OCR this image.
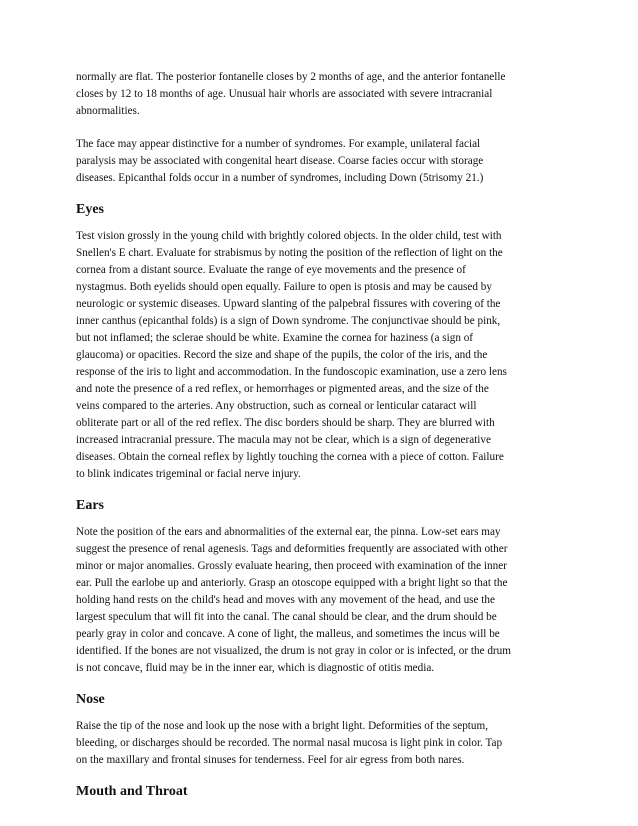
normally are flat. The posterior fontanelle closes by 2 months of age, and the anterior fontanelle
closes by 12 to 18 months of age. Unusual hair whorls are associated with severe intracranial
abnormalities.

The face may appear distinctive for a number of syndromes. For example, unilateral facial
paralysis may be associated with congenital heart disease. Coarse facies occur with storage
diseases. Epicanthal folds occur in a number of syndromes, including Down (5trisomy 21.)

Eyes

Test vision grossly in the young child with brightly colored objects. In the older child, test with
Snellen's E chart. Evaluate for strabismus by noting the position of the reflection of light on the
cornea from a distant source. Evaluate the range of eye movements and the presence of
nystagmus. Both eyelids should open equally. Failure to open is ptosis and may be caused by
neurologic or systemic diseases. Upward slanting of the palpebral fissures with covering of the
inner canthus (epicanthal folds) is a sign of Down syndrome. The conjunctivae should be pink,
but not inflamed; the sclerae should be white. Examine the cornea for haziness (a sign of
glaucoma) or opacities. Record the size and shape of the pupils, the color of the iris, and the
response of the iris to light and accommodation. In the fundoscopic examination, use a zero lens
and note the presence of a red reflex, or hemorrhages or pigmented areas, and the size of the
veins compared to the arteries. Any obstruction, such as corneal or lenticular cataract will
obliterate part or all of the red reflex. The disc borders should be sharp. They are blurred with
increased intracranial pressure. The macula may not be clear, which is a sign of degenerative
diseases. Obtain the corneal reflex by lightly touching the cornea with a piece of cotton. Failure
to blink indicates trigeminal or facial nerve injury.

Ears

Note the position of the ears and abnormalities of the external ear, the pinna. Low-set ears may
suggest the presence of renal agenesis. Tags and deformities frequently are associated with other
minor or major anomalies. Grossly evaluate hearing, then proceed with examination of the inner
ear. Pull the earlobe up and anteriorly. Grasp an otoscope equipped with a bright light so that the
holding hand rests on the child's head and moves with any movement of the head, and use the
largest speculum that will fit into the canal. The canal should be clear, and the drum should be
pearly gray in color and concave. A cone of light, the malleus, and sometimes the incus will be
identified. If the bones are not visualized, the drum is not gray in color or is infected, or the drum
is not concave, fluid may be in the inner ear, which is diagnostic of otitis media.

Nose

Raise the tip of the nose and look up the nose with a bright light. Deformities of the septum,
bleeding, or discharges should be recorded. The normal nasal mucosa is light pink in color. Tap
on the maxillary and frontal sinuses for tenderness. Feel for air egress from both nares.

Mouth and Throat
